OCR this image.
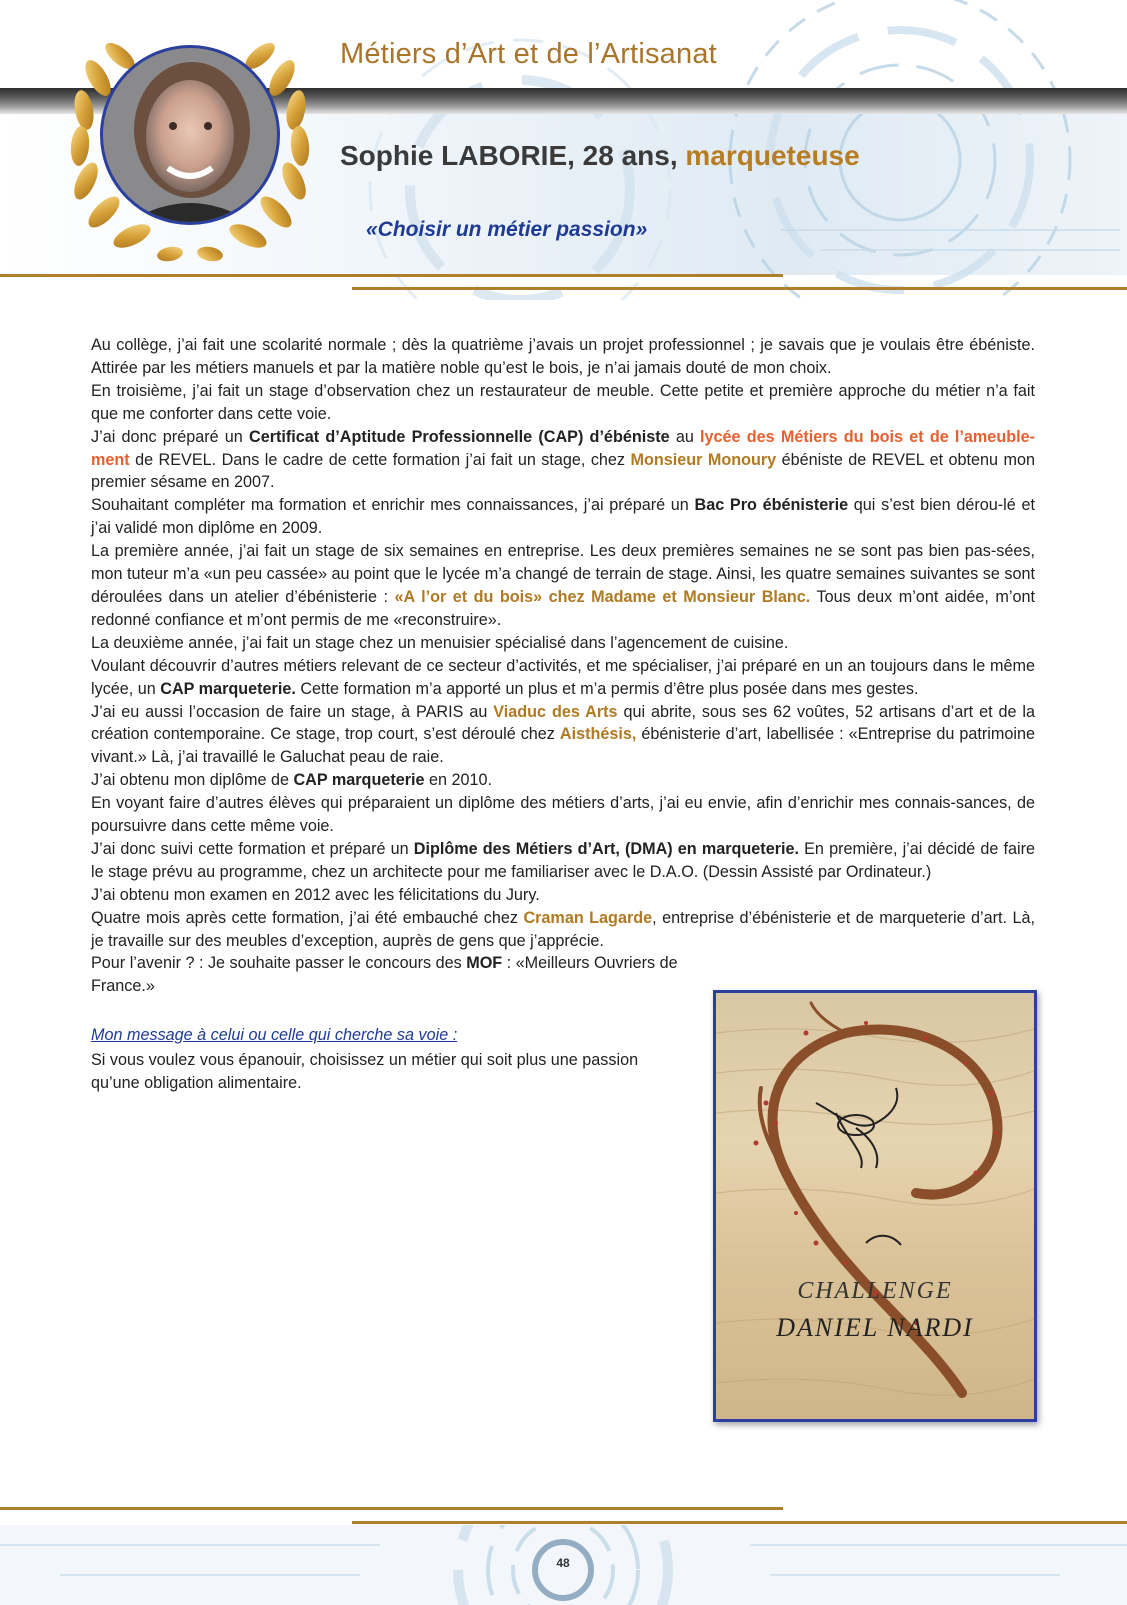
Métiers d’Art et de l’Artisanat
Sophie LABORIE, 28 ans, marqueteuse
«Choisir un métier passion»

Au collège, j’ai fait une scolarité normale ; dès la quatrième j’avais un projet professionnel ; je savais que je voulais être ébéniste. Attirée par les métiers manuels et par la matière noble qu’est le bois, je n’ai jamais douté de mon choix.

En troisième, j’ai fait un stage d’observation chez un restaurateur de meuble. Cette petite et première approche du métier n’a fait que me conforter dans cette voie.

J’ai donc préparé un Certificat d’Aptitude Professionnelle (CAP) d’ébéniste au lycée des Métiers du bois et de l’ameuble-ment de REVEL. Dans le cadre de cette formation j’ai fait un stage, chez Monsieur Monoury ébéniste de REVEL et obtenu mon premier sésame en 2007.

Souhaitant compléter ma formation et enrichir mes connaissances, j’ai préparé un Bac Pro ébénisterie qui s’est bien dérou-lé et j’ai validé mon diplôme en 2009.

La première année, j’ai fait un stage de six semaines en entreprise. Les deux premières semaines ne se sont pas bien pas-sées, mon tuteur m’a «un peu cassée» au point que le lycée m’a changé de terrain de stage. Ainsi, les quatre semaines suivantes se sont déroulées dans un atelier d’ébénisterie : «A l’or et du bois» chez Madame et Monsieur Blanc. Tous deux m’ont aidée, m’ont redonné confiance et m’ont permis de me «reconstruire».

La deuxième année, j’ai fait un stage chez un menuisier spécialisé dans l’agencement de cuisine.

Voulant découvrir d’autres métiers relevant de ce secteur d’activités, et me spécialiser, j’ai préparé en un an toujours dans le même lycée, un CAP marqueterie. Cette formation m’a apporté un plus et m’a permis d’être plus posée dans mes gestes.

J’ai eu aussi l’occasion de faire un stage, à PARIS au Viaduc des Arts qui abrite, sous ses 62 voûtes, 52 artisans d’art et de la création contemporaine. Ce stage, trop court, s’est déroulé chez Aisthésis, ébénisterie d’art, labellisée : «Entreprise du patrimoine vivant.» Là, j’ai travaillé le Galuchat peau de raie.

J’ai obtenu mon diplôme de CAP marqueterie en 2010.

En voyant faire d’autres élèves qui préparaient un diplôme des métiers d’arts, j’ai eu envie, afin d’enrichir mes connais-sances, de poursuivre dans cette même voie.

J’ai donc suivi cette formation et préparé un Diplôme des Métiers d’Art, (DMA) en marqueterie. En première, j’ai décidé de faire le stage prévu au programme, chez un architecte pour me familiariser avec le D.A.O. (Dessin Assisté par Ordinateur.)

J’ai obtenu mon examen en 2012 avec les félicitations du Jury.

Quatre mois après cette formation, j’ai été embauché chez Craman Lagarde, entreprise d’ébénisterie et de marqueterie d’art. Là, je travaille sur des meubles d’exception, auprès de gens que j’apprécie.

Pour l’avenir ? : Je souhaite passer le concours des MOF : «Meilleurs Ouvriers de France.»

Mon message à celui ou celle qui cherche sa voie :
Si vous voulez vous épanouir, choisissez un métier qui soit plus une passion qu’une obligation alimentaire.
CHALLENGE
DANIEL NARDI
48
